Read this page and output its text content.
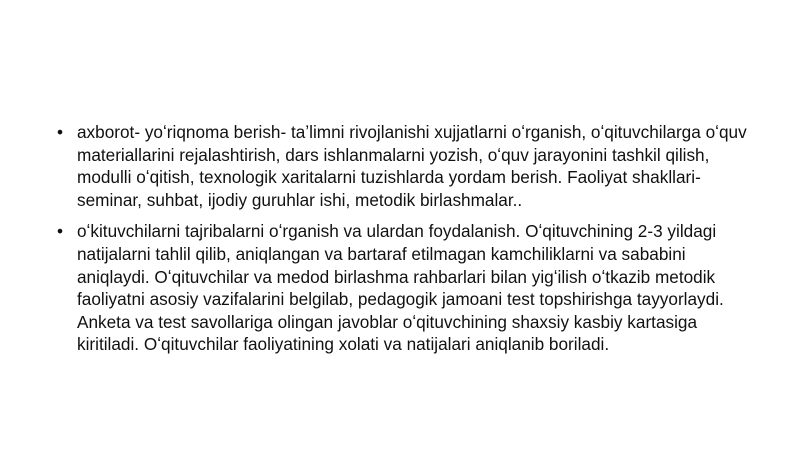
• axborot- yoʻriqnoma berish- taʼlimni rivojlanishi xujjatlarni oʻrganish, oʻqituvchilarga oʻquv materiallarini rejalashtirish, dars ishlanmalarni yozish, oʻquv jarayonini tashkil qilish, modulli oʻqitish, texnologik xaritalarni tuzishlarda yordam berish. Faoliyat shakllari- seminar, suhbat, ijodiy guruhlar ishi, metodik birlashmalar..
• oʻkituvchilarni tajribalarni oʻrganish va ulardan foydalanish. Oʻqituvchining 2-3 yildagi natijalarni tahlil qilib, aniqlangan va bartaraf etilmagan kamchiliklarni va sababini aniqlaydi. Oʻqituvchilar va medod birlashma rahbarlari bilan yigʻilish oʻtkazib metodik faoliyatni asosiy vazifalarini belgilab, pedagogik jamoani test topshirishga tayyorlaydi. Anketa va test savollariga olingan javoblar oʻqituvchining shaxsiy kasbiy kartasiga kiritiladi. Oʻqituvchilar faoliyatining xolati va natijalari aniqlanib boriladi.
